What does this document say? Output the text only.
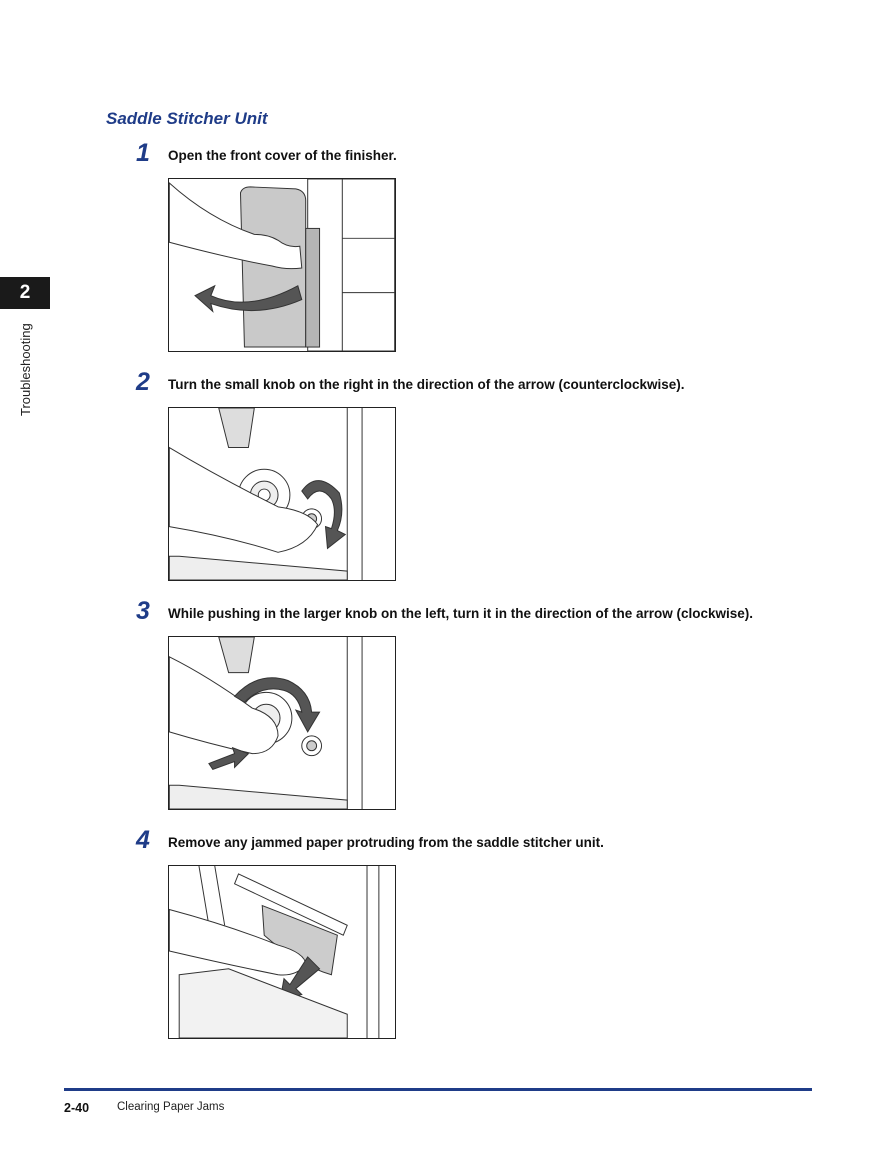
2
Troubleshooting
Saddle Stitcher Unit
1	Open the front cover of the finisher.
2	Turn the small knob on the right in the direction of the arrow (counterclockwise).
3	While pushing in the larger knob on the left, turn it in the direction of the arrow (clockwise).
4	Remove any jammed paper protruding from the saddle stitcher unit.
2-40 Clearing Paper Jams
